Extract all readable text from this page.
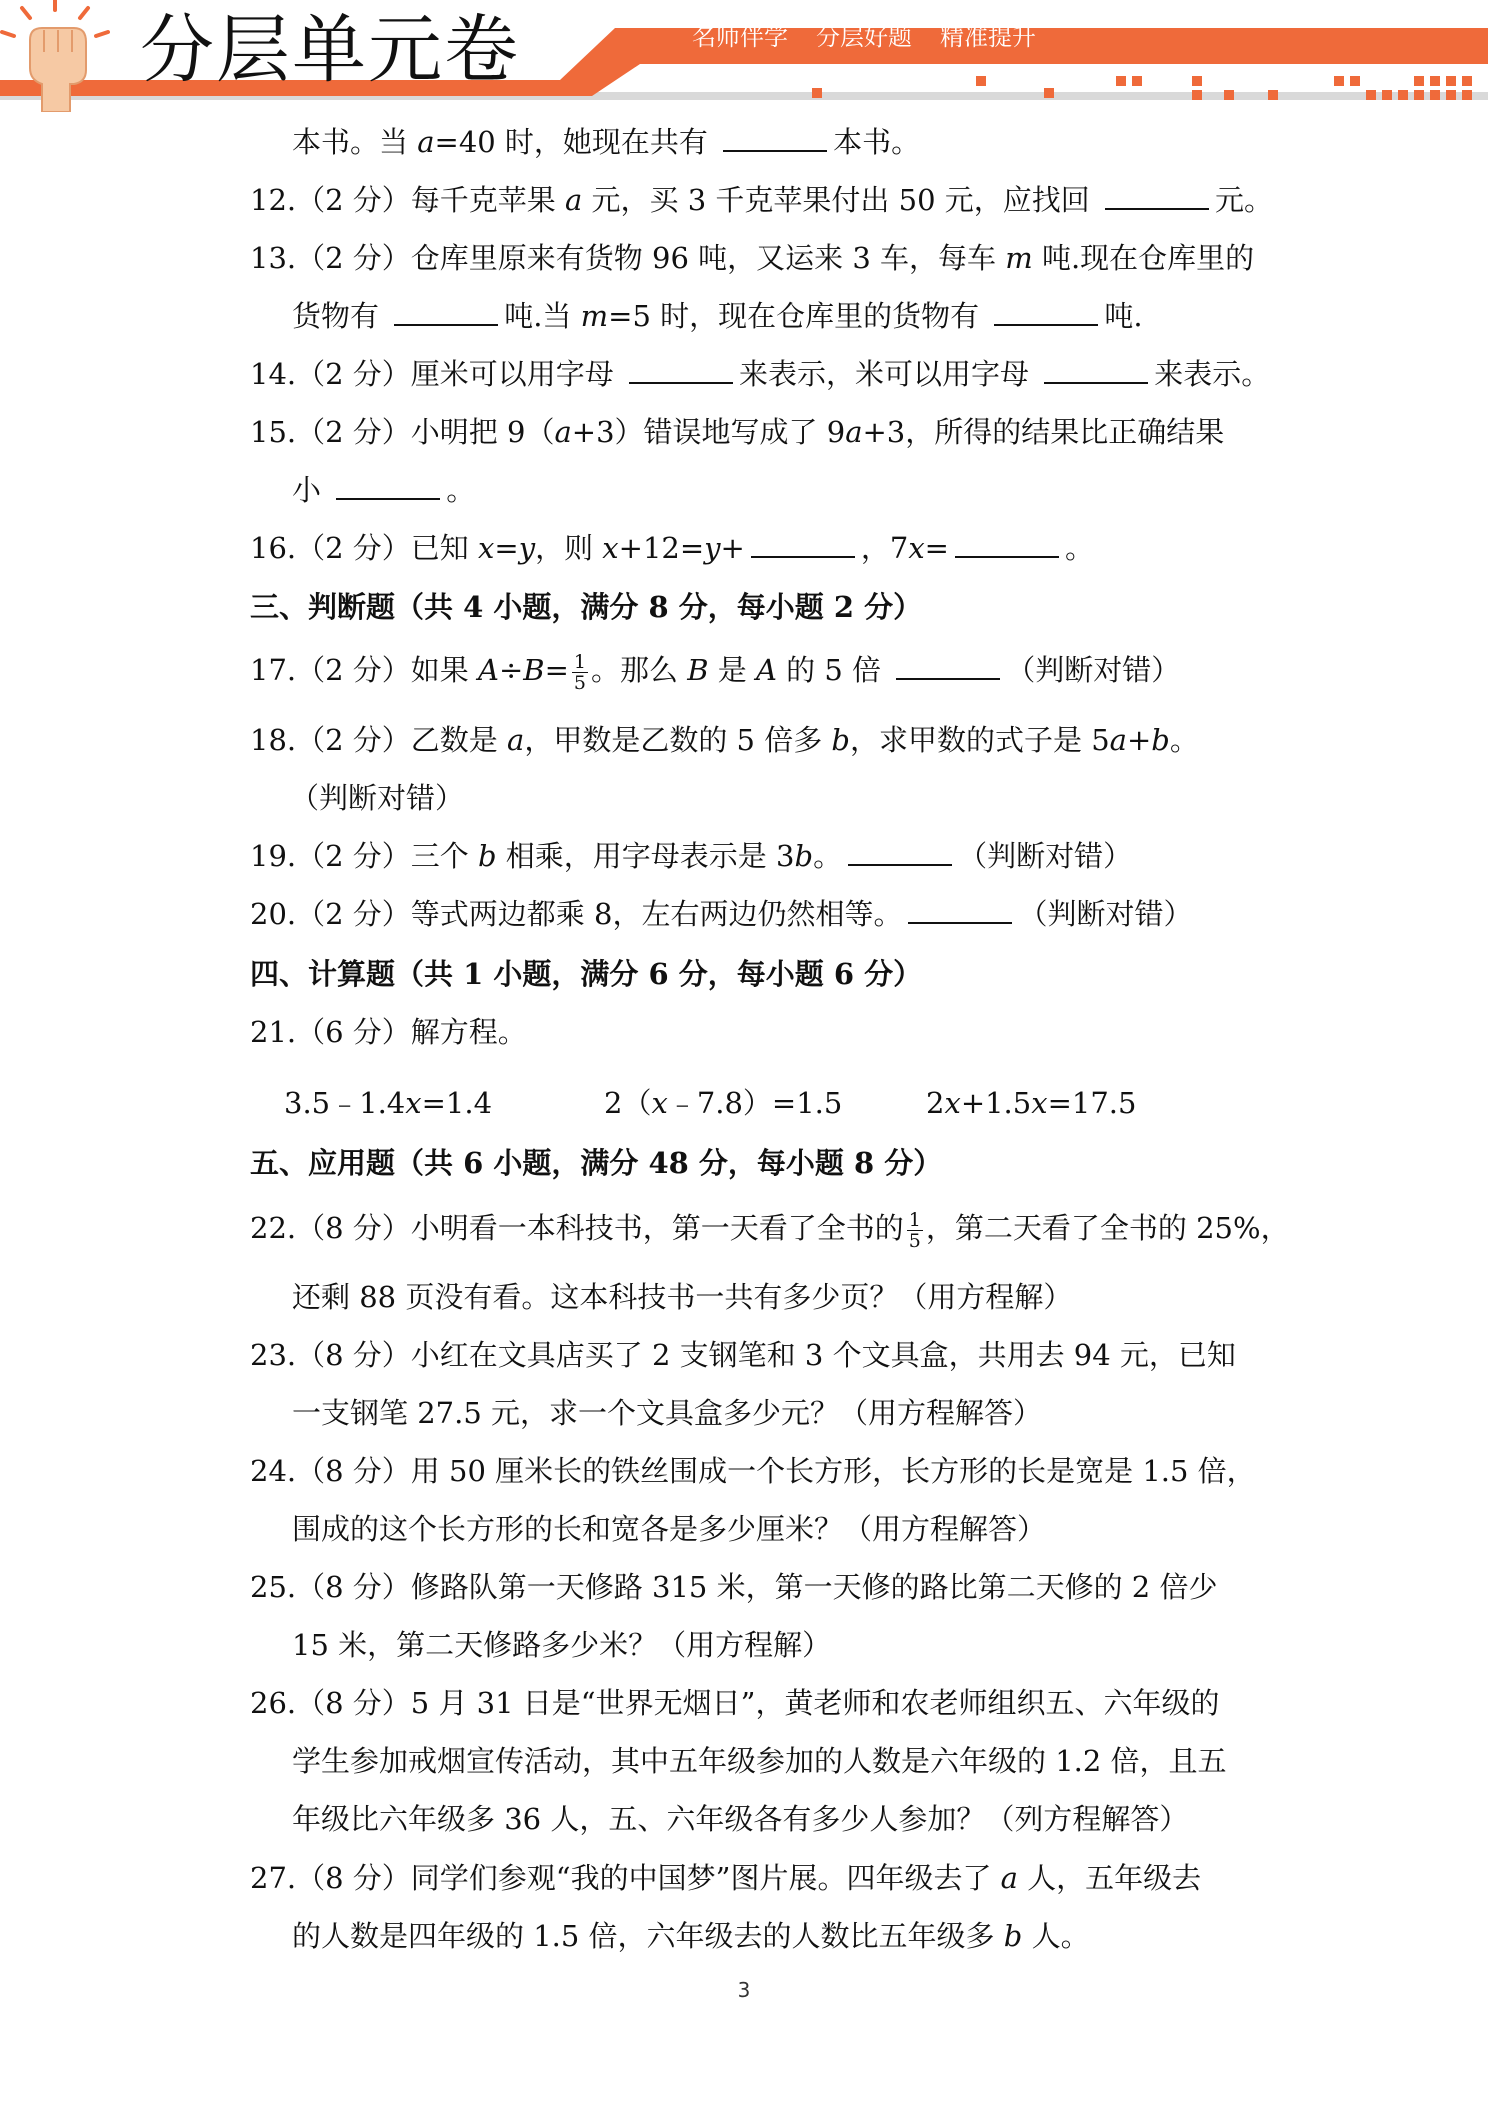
分层单元卷	名师伴学 分层好题 精准提升
本书。当 a=40 时，她现在共有	本书。
12.（2 分）每千克苹果 a 元，买 3 千克苹果付出 50 元，应找回	元。
13.（2 分）仓库里原来有货物 96 吨，又运来 3 车，每车 m 吨.现在仓库里的
货物有	吨.当 m=5 时，现在仓库里的货物有	吨.
14.（2 分）厘米可以用字母	来表示，米可以用字母	来表示。
15.（2 分）小明把 9（a+3）错误地写成了 9a+3，所得的结果比正确结果
小	。
16.（2 分）已知 x=y，则 x+12=y+	，7x=	。
三、判断题（共 4 小题，满分 8 分，每小题 2 分）
17.（2 分）如果 $A\div B= \frac{1}{5}$ 。那么 B 是 A 的 5 倍	（判断对错）
18.（2 分）乙数是 a，甲数是乙数的 5 倍多 b，求甲数的式子是 5a+b。
（判断对错）
19.（2 分）三个 b 相乘，用字母表示是 3b。	（判断对错）
20.（2 分）等式两边都乘 8，左右两边仍然相等。	（判断对错）
四、计算题（共 1 小题，满分 6 分，每小题 6 分）
21.（6 分）解方程。
3.5﹣1.4x=1.4	2（x﹣7.8）=1.5	2x+1.5x=17.5
五、应用题（共 6 小题，满分 48 分，每小题 8 分）
22.（8 分）小明看一本科技书，第一天看了全书的 $\frac{1}{5}$ ，第二天看了全书的 25%，
还剩 88 页没有看。这本科技书一共有多少页？（用方程解）
23.（8 分）小红在文具店买了 2 支钢笔和 3 个文具盒，共用去 94 元，已知
一支钢笔 27.5 元，求一个文具盒多少元？（用方程解答）
24.（8 分）用 50 厘米长的铁丝围成一个长方形，长方形的长是宽是 1.5 倍，
围成的这个长方形的长和宽各是多少厘米？（用方程解答）
25.（8 分）修路队第一天修路 315 米，第一天修的路比第二天修的 2 倍少
15 米，第二天修路多少米？（用方程解）
26.（8 分）5 月 31 日是“世界无烟日”，黄老师和农老师组织五、六年级的
学生参加戒烟宣传活动，其中五年级参加的人数是六年级的 1.2 倍，且五
年级比六年级多 36 人，五、六年级各有多少人参加？（列方程解答）
27.（8 分）同学们参观“我的中国梦”图片展。四年级去了 a 人，五年级去
的人数是四年级的 1.5 倍，六年级去的人数比五年级多 b 人。
3
